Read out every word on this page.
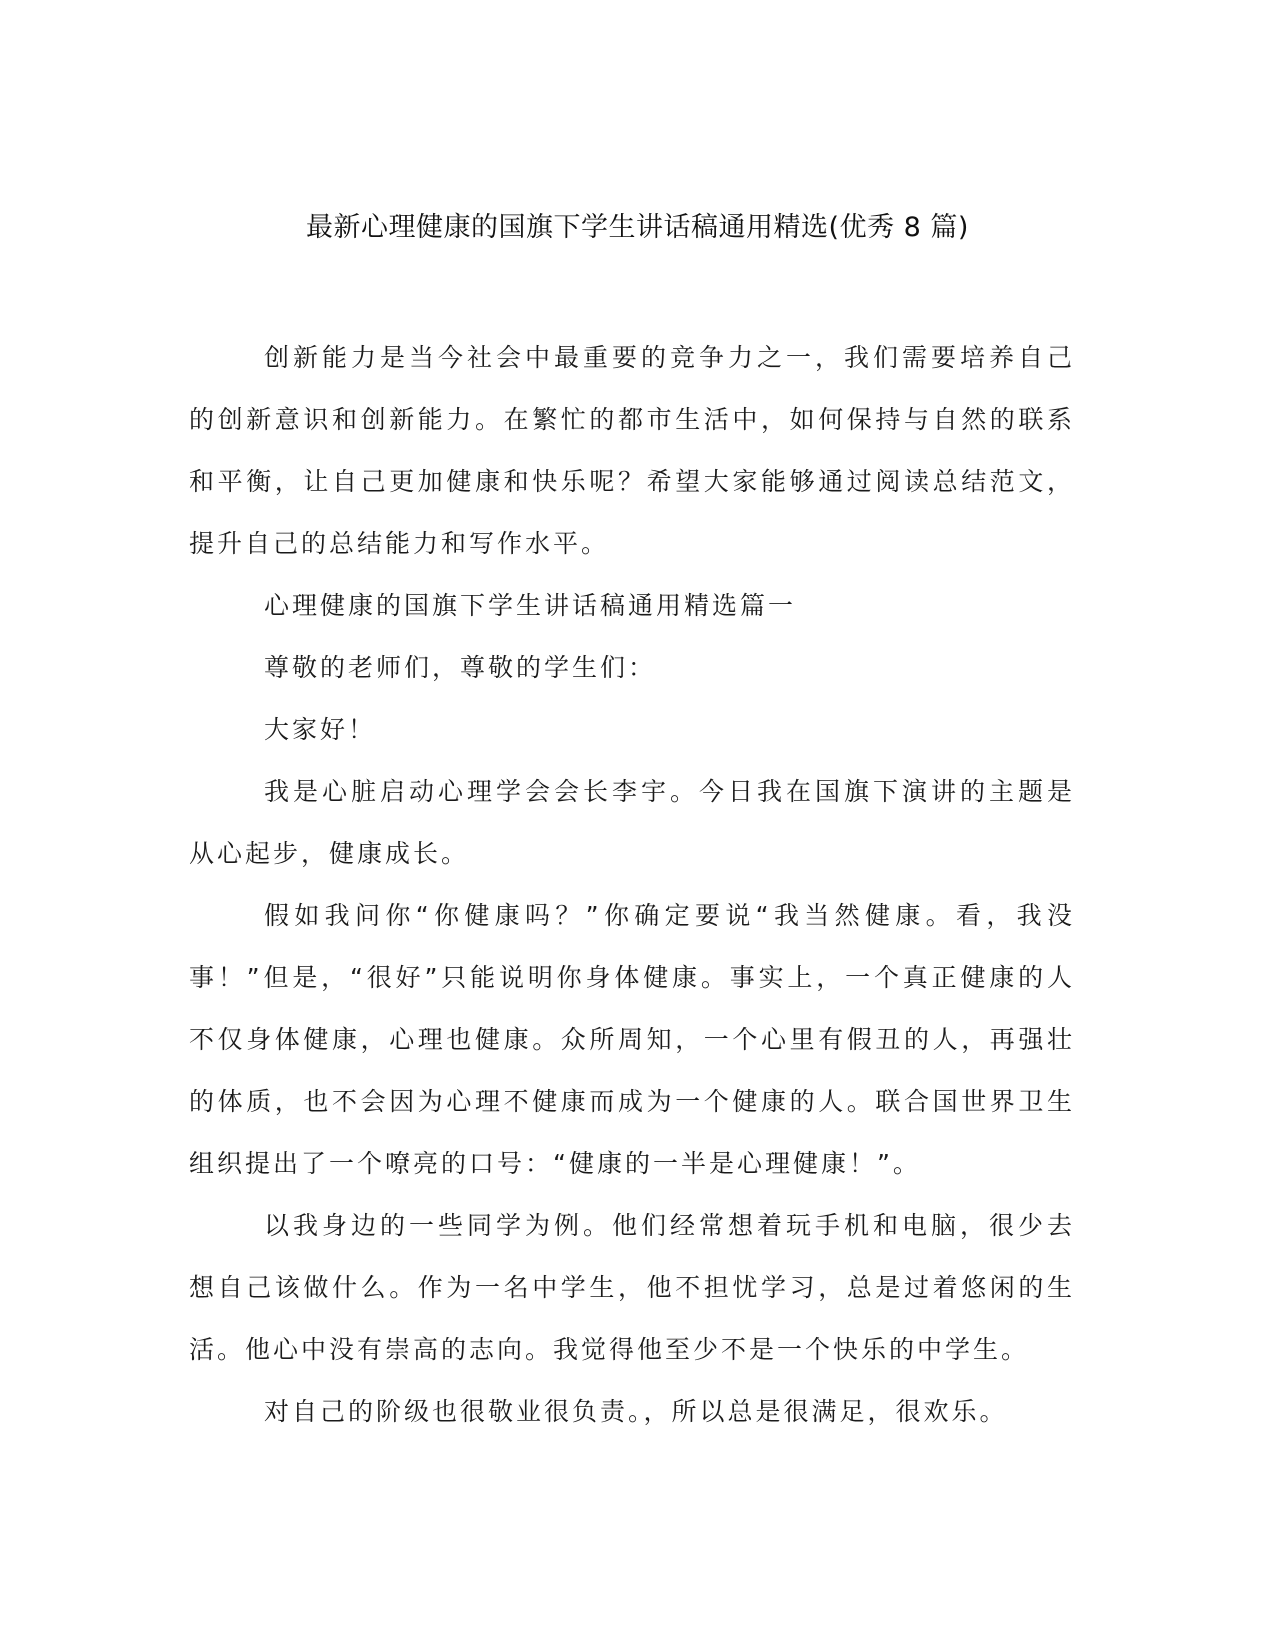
最新心理健康的国旗下学生讲话稿通用精选(优秀 8 篇)

创新能力是当今社会中最重要的竞争力之一，我们需要培养自己的创新意识和创新能力。在繁忙的都市生活中，如何保持与自然的联系和平衡，让自己更加健康和快乐呢？希望大家能够通过阅读总结范文，提升自己的总结能力和写作水平。

心理健康的国旗下学生讲话稿通用精选篇一

尊敬的老师们，尊敬的学生们：

大家好！

我是心脏启动心理学会会长李宇。今日我在国旗下演讲的主题是从心起步，健康成长。

假如我问你“你健康吗？”你确定要说“我当然健康。看，我没事！”但是，“很好”只能说明你身体健康。事实上，一个真正健康的人不仅身体健康，心理也健康。众所周知，一个心里有假丑的人，再强壮的体质，也不会因为心理不健康而成为一个健康的人。联合国世界卫生组织提出了一个嘹亮的口号：“健康的一半是心理健康！”。

以我身边的一些同学为例。他们经常想着玩手机和电脑，很少去想自己该做什么。作为一名中学生，他不担忧学习，总是过着悠闲的生活。他心中没有崇高的志向。我觉得他至少不是一个快乐的中学生。

对自己的阶级也很敬业很负责。，所以总是很满足，很欢乐。
